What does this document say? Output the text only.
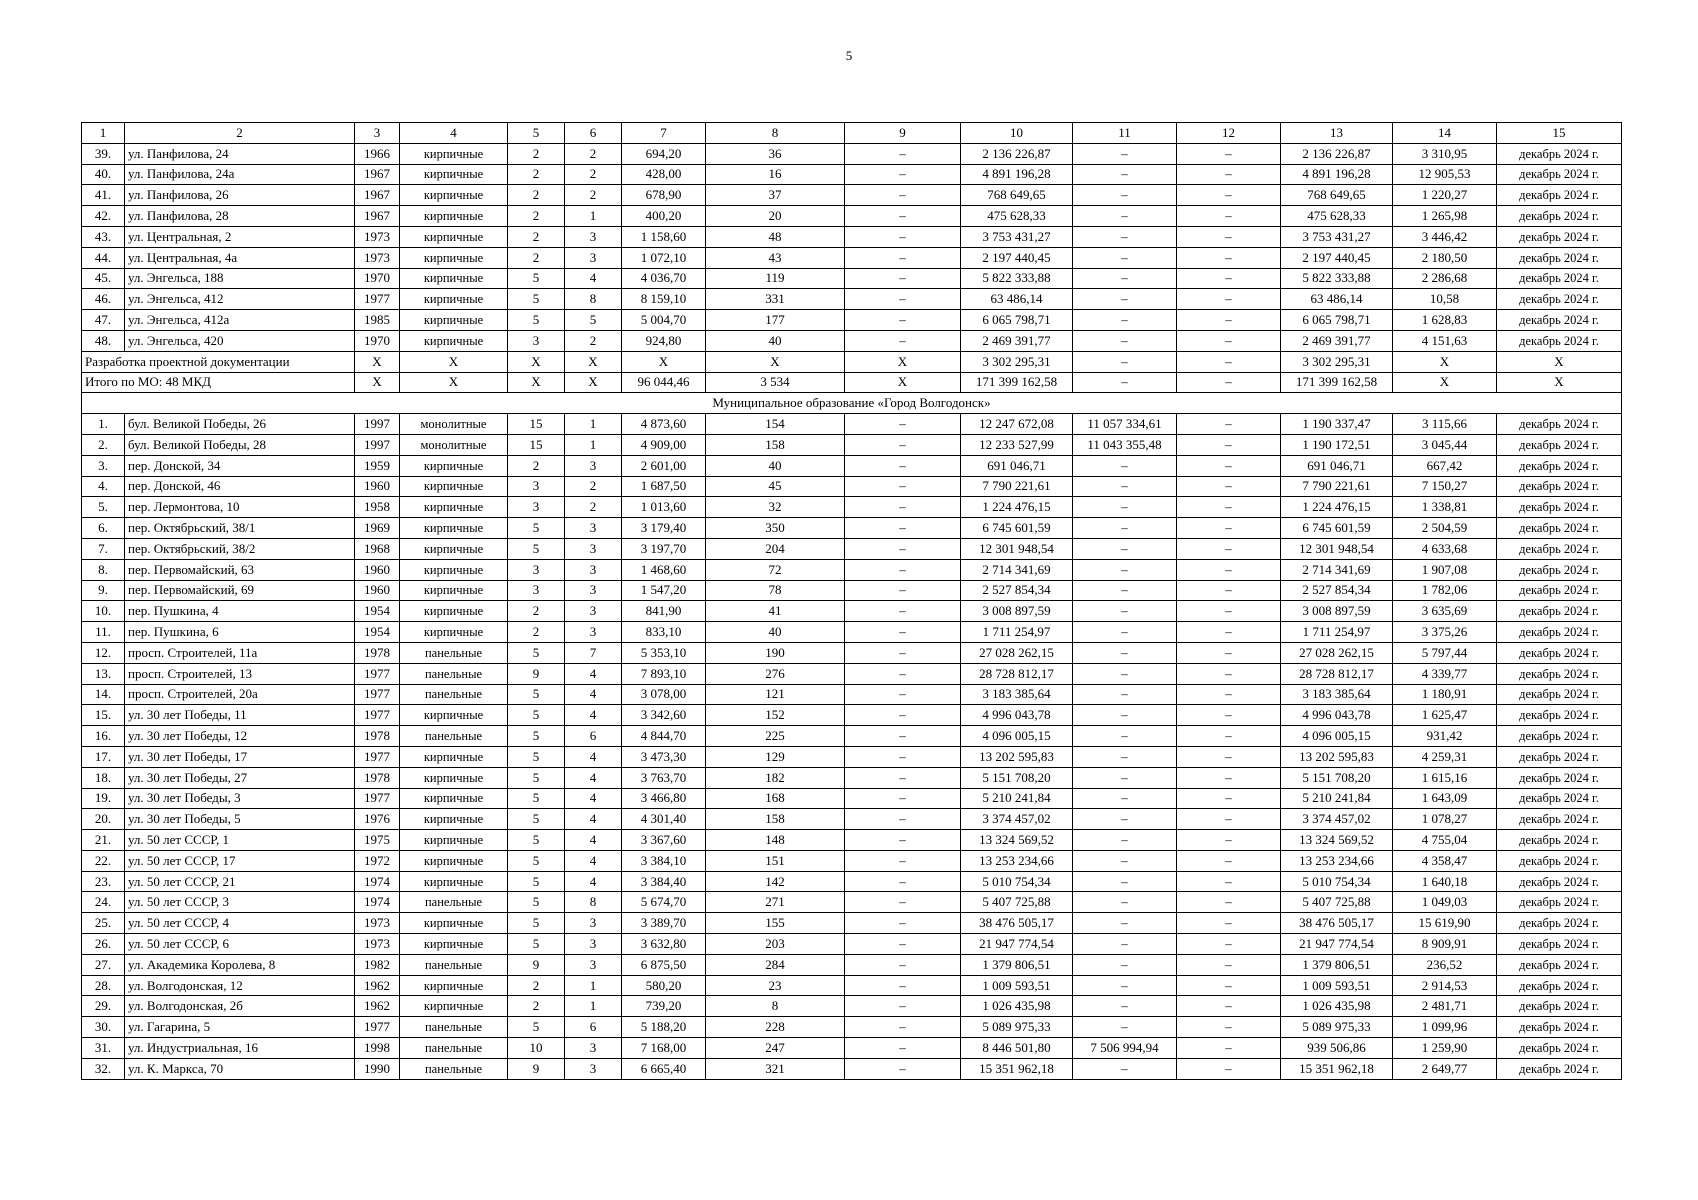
5
1	2	3	4	5	6	7	8	9	10	11	12	13	14	15
39.	ул. Панфилова, 24	1966	кирпичные	2	2	694,20	36	–	2 136 226,87	–	–	2 136 226,87	3 310,95	декабрь 2024 г.
40.	ул. Панфилова, 24а	1967	кирпичные	2	2	428,00	16	–	4 891 196,28	–	–	4 891 196,28	12 905,53	декабрь 2024 г.
41.	ул. Панфилова, 26	1967	кирпичные	2	2	678,90	37	–	768 649,65	–	–	768 649,65	1 220,27	декабрь 2024 г.
42.	ул. Панфилова, 28	1967	кирпичные	2	1	400,20	20	–	475 628,33	–	–	475 628,33	1 265,98	декабрь 2024 г.
43.	ул. Центральная, 2	1973	кирпичные	2	3	1 158,60	48	–	3 753 431,27	–	–	3 753 431,27	3 446,42	декабрь 2024 г.
44.	ул. Центральная, 4а	1973	кирпичные	2	3	1 072,10	43	–	2 197 440,45	–	–	2 197 440,45	2 180,50	декабрь 2024 г.
45.	ул. Энгельса, 188	1970	кирпичные	5	4	4 036,70	119	–	5 822 333,88	–	–	5 822 333,88	2 286,68	декабрь 2024 г.
46.	ул. Энгельса, 412	1977	кирпичные	5	8	8 159,10	331	–	63 486,14	–	–	63 486,14	10,58	декабрь 2024 г.
47.	ул. Энгельса, 412а	1985	кирпичные	5	5	5 004,70	177	–	6 065 798,71	–	–	6 065 798,71	1 628,83	декабрь 2024 г.
48.	ул. Энгельса, 420	1970	кирпичные	3	2	924,80	40	–	2 469 391,77	–	–	2 469 391,77	4 151,63	декабрь 2024 г.
Разработка проектной документации		X	X	X	X	X	X	X	3 302 295,31	–	–	3 302 295,31	X	X
Итого по МО: 48 МКД		X	X	X	X	96 044,46	3 534	X	171 399 162,58	–	–	171 399 162,58	X	X
Муниципальное образование «Город Волгодонск»														
1.	бул. Великой Победы, 26	1997	монолитные	15	1	4 873,60	154	–	12 247 672,08	11 057 334,61	–	1 190 337,47	3 115,66	декабрь 2024 г.
2.	бул. Великой Победы, 28	1997	монолитные	15	1	4 909,00	158	–	12 233 527,99	11 043 355,48	–	1 190 172,51	3 045,44	декабрь 2024 г.
3.	пер. Донской, 34	1959	кирпичные	2	3	2 601,00	40	–	691 046,71	–	–	691 046,71	667,42	декабрь 2024 г.
4.	пер. Донской, 46	1960	кирпичные	3	2	1 687,50	45	–	7 790 221,61	–	–	7 790 221,61	7 150,27	декабрь 2024 г.
5.	пер. Лермонтова, 10	1958	кирпичные	3	2	1 013,60	32	–	1 224 476,15	–	–	1 224 476,15	1 338,81	декабрь 2024 г.
6.	пер. Октябрьский, 38/1	1969	кирпичные	5	3	3 179,40	350	–	6 745 601,59	–	–	6 745 601,59	2 504,59	декабрь 2024 г.
7.	пер. Октябрьский, 38/2	1968	кирпичные	5	3	3 197,70	204	–	12 301 948,54	–	–	12 301 948,54	4 633,68	декабрь 2024 г.
8.	пер. Первомайский, 63	1960	кирпичные	3	3	1 468,60	72	–	2 714 341,69	–	–	2 714 341,69	1 907,08	декабрь 2024 г.
9.	пер. Первомайский, 69	1960	кирпичные	3	3	1 547,20	78	–	2 527 854,34	–	–	2 527 854,34	1 782,06	декабрь 2024 г.
10.	пер. Пушкина, 4	1954	кирпичные	2	3	841,90	41	–	3 008 897,59	–	–	3 008 897,59	3 635,69	декабрь 2024 г.
11.	пер. Пушкина, 6	1954	кирпичные	2	3	833,10	40	–	1 711 254,97	–	–	1 711 254,97	3 375,26	декабрь 2024 г.
12.	просп. Строителей, 11а	1978	панельные	5	7	5 353,10	190	–	27 028 262,15	–	–	27 028 262,15	5 797,44	декабрь 2024 г.
13.	просп. Строителей, 13	1977	панельные	9	4	7 893,10	276	–	28 728 812,17	–	–	28 728 812,17	4 339,77	декабрь 2024 г.
14.	просп. Строителей, 20а	1977	панельные	5	4	3 078,00	121	–	3 183 385,64	–	–	3 183 385,64	1 180,91	декабрь 2024 г.
15.	ул. 30 лет Победы, 11	1977	кирпичные	5	4	3 342,60	152	–	4 996 043,78	–	–	4 996 043,78	1 625,47	декабрь 2024 г.
16.	ул. 30 лет Победы, 12	1978	панельные	5	6	4 844,70	225	–	4 096 005,15	–	–	4 096 005,15	931,42	декабрь 2024 г.
17.	ул. 30 лет Победы, 17	1977	кирпичные	5	4	3 473,30	129	–	13 202 595,83	–	–	13 202 595,83	4 259,31	декабрь 2024 г.
18.	ул. 30 лет Победы, 27	1978	кирпичные	5	4	3 763,70	182	–	5 151 708,20	–	–	5 151 708,20	1 615,16	декабрь 2024 г.
19.	ул. 30 лет Победы, 3	1977	кирпичные	5	4	3 466,80	168	–	5 210 241,84	–	–	5 210 241,84	1 643,09	декабрь 2024 г.
20.	ул. 30 лет Победы, 5	1976	кирпичные	5	4	4 301,40	158	–	3 374 457,02	–	–	3 374 457,02	1 078,27	декабрь 2024 г.
21.	ул. 50 лет СССР, 1	1975	кирпичные	5	4	3 367,60	148	–	13 324 569,52	–	–	13 324 569,52	4 755,04	декабрь 2024 г.
22.	ул. 50 лет СССР, 17	1972	кирпичные	5	4	3 384,10	151	–	13 253 234,66	–	–	13 253 234,66	4 358,47	декабрь 2024 г.
23.	ул. 50 лет СССР, 21	1974	кирпичные	5	4	3 384,40	142	–	5 010 754,34	–	–	5 010 754,34	1 640,18	декабрь 2024 г.
24.	ул. 50 лет СССР, 3	1974	панельные	5	8	5 674,70	271	–	5 407 725,88	–	–	5 407 725,88	1 049,03	декабрь 2024 г.
25.	ул. 50 лет СССР, 4	1973	кирпичные	5	3	3 389,70	155	–	38 476 505,17	–	–	38 476 505,17	15 619,90	декабрь 2024 г.
26.	ул. 50 лет СССР, 6	1973	кирпичные	5	3	3 632,80	203	–	21 947 774,54	–	–	21 947 774,54	8 909,91	декабрь 2024 г.
27.	ул. Академика Королева, 8	1982	панельные	9	3	6 875,50	284	–	1 379 806,51	–	–	1 379 806,51	236,52	декабрь 2024 г.
28.	ул. Волгодонская, 12	1962	кирпичные	2	1	580,20	23	–	1 009 593,51	–	–	1 009 593,51	2 914,53	декабрь 2024 г.
29.	ул. Волгодонская, 2б	1962	кирпичные	2	1	739,20	8	–	1 026 435,98	–	–	1 026 435,98	2 481,71	декабрь 2024 г.
30.	ул. Гагарина, 5	1977	панельные	5	6	5 188,20	228	–	5 089 975,33	–	–	5 089 975,33	1 099,96	декабрь 2024 г.
31.	ул. Индустриальная, 16	1998	панельные	10	3	7 168,00	247	–	8 446 501,80	7 506 994,94	–	939 506,86	1 259,90	декабрь 2024 г.
32.	ул. К. Маркса, 70	1990	панельные	9	3	6 665,40	321	–	15 351 962,18	–	–	15 351 962,18	2 649,77	декабрь 2024 г.
